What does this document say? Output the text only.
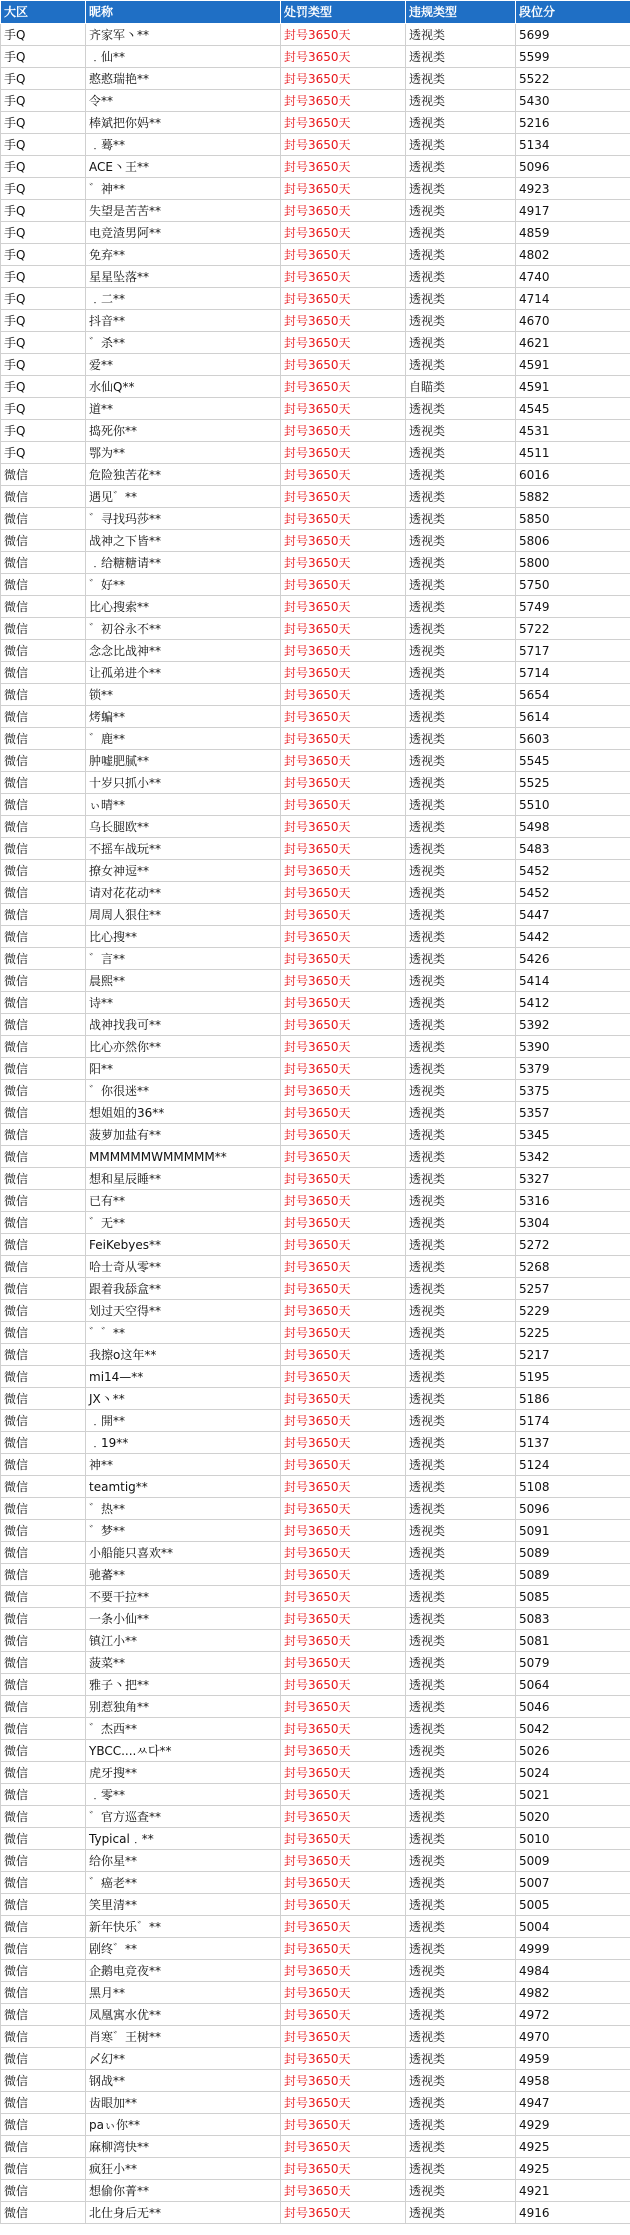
大区	昵称	处罚类型	违规类型	段位分
手Q	齐家军丶**	封号3650天	透视类	5699
手Q	﹒仙**	封号3650天	透视类	5599
手Q	憨憨瑞艳**	封号3650天	透视类	5522
手Q	令**	封号3650天	透视类	5430
手Q	棒斌把你妈**	封号3650天	透视类	5216
手Q	﹒蓦**	封号3650天	透视类	5134
手Q	ACE丶王**	封号3650天	透视类	5096
手Q	゛神**	封号3650天	透视类	4923
手Q	失望是苦苦**	封号3650天	透视类	4917
手Q	电竞渣男阿**	封号3650天	透视类	4859
手Q	免弃**	封号3650天	透视类	4802
手Q	星星坠落**	封号3650天	透视类	4740
手Q	﹒二**	封号3650天	透视类	4714
手Q	抖音**	封号3650天	透视类	4670
手Q	゛杀**	封号3650天	透视类	4621
手Q	爱**	封号3650天	透视类	4591
手Q	水仙Q**	封号3650天	自瞄类	4591
手Q	道**	封号3650天	透视类	4545
手Q	捣死你**	封号3650天	透视类	4531
手Q	鄂为**	封号3650天	透视类	4511
微信	危险独苦花**	封号3650天	透视类	6016
微信	遇见゛**	封号3650天	透视类	5882
微信	゛寻找玛莎**	封号3650天	透视类	5850
微信	战神之下皆**	封号3650天	透视类	5806
微信	﹒给糖糖请**	封号3650天	透视类	5800
微信	゛好**	封号3650天	透视类	5750
微信	比心搜索**	封号3650天	透视类	5749
微信	゛初谷永不**	封号3650天	透视类	5722
微信	念念比战神**	封号3650天	透视类	5717
微信	让孤弟进个**	封号3650天	透视类	5714
微信	锁**	封号3650天	透视类	5654
微信	烤蝙**	封号3650天	透视类	5614
微信	゛鹿**	封号3650天	透视类	5603
微信	肿嘘肥腻**	封号3650天	透视类	5545
微信	十岁只抓小**	封号3650天	透视类	5525
微信	ぃ晴**	封号3650天	透视类	5510
微信	乌长腿欧**	封号3650天	透视类	5498
微信	不摇车战玩**	封号3650天	透视类	5483
微信	撩女神逗**	封号3650天	透视类	5452
微信	请对花花动**	封号3650天	透视类	5452
微信	周周人狠住**	封号3650天	透视类	5447
微信	比心搜**	封号3650天	透视类	5442
微信	゛言**	封号3650天	透视类	5426
微信	晨熙**	封号3650天	透视类	5414
微信	诗**	封号3650天	透视类	5412
微信	战神找我可**	封号3650天	透视类	5392
微信	比心亦然你**	封号3650天	透视类	5390
微信	阳**	封号3650天	透视类	5379
微信	゛你很迷**	封号3650天	透视类	5375
微信	想姐姐的36**	封号3650天	透视类	5357
微信	菠萝加盐有**	封号3650天	透视类	5345
微信	MMMMMMWMMMMM**	封号3650天	透视类	5342
微信	想和星辰睡**	封号3650天	透视类	5327
微信	已有**	封号3650天	透视类	5316
微信	゛无**	封号3650天	透视类	5304
微信	FeiKebyes**	封号3650天	透视类	5272
微信	哈士奇从零**	封号3650天	透视类	5268
微信	跟着我舔盒**	封号3650天	透视类	5257
微信	划过天空得**	封号3650天	透视类	5229
微信	゛゛**	封号3650天	透视类	5225
微信	我擦o这年**	封号3650天	透视类	5217
微信	mi14—**	封号3650天	透视类	5195
微信	JX丶**	封号3650天	透视类	5186
微信	﹒開**	封号3650天	透视类	5174
微信	﹒19**	封号3650天	透视类	5137
微信	神**	封号3650天	透视类	5124
微信	teamtig**	封号3650天	透视类	5108
微信	゛热**	封号3650天	透视类	5096
微信	゛梦**	封号3650天	透视类	5091
微信	小船能只喜欢**	封号3650天	透视类	5089
微信	驰蕃**	封号3650天	透视类	5089
微信	不要干拉**	封号3650天	透视类	5085
微信	一条小仙**	封号3650天	透视类	5083
微信	镇江小**	封号3650天	透视类	5081
微信	菠菜**	封号3650天	透视类	5079
微信	雅子丶把**	封号3650天	透视类	5064
微信	别惹独角**	封号3650天	透视类	5046
微信	゛杰西**	封号3650天	透视类	5042
微信	YBCC....ㅆ다**	封号3650天	透视类	5026
微信	虎牙搜**	封号3650天	透视类	5024
微信	﹒零**	封号3650天	透视类	5021
微信	゛官方巡查**	封号3650天	透视类	5020
微信	Typical﹒**	封号3650天	透视类	5010
微信	给你星**	封号3650天	透视类	5009
微信	゛癌老**	封号3650天	透视类	5007
微信	笑里清**	封号3650天	透视类	5005
微信	新年快乐゛**	封号3650天	透视类	5004
微信	剧终゛**	封号3650天	透视类	4999
微信	企鹅电竞夜**	封号3650天	透视类	4984
微信	黑月**	封号3650天	透视类	4982
微信	凤凰寓水优**	封号3650天	透视类	4972
微信	肖寒゛王树**	封号3650天	透视类	4970
微信	〆幻**	封号3650天	透视类	4959
微信	钢战**	封号3650天	透视类	4958
微信	齿眼加**	封号3650天	透视类	4947
微信	paぃ你**	封号3650天	透视类	4929
微信	麻柳湾快**	封号3650天	透视类	4925
微信	疯狂小**	封号3650天	透视类	4925
微信	想偷你菁**	封号3650天	透视类	4921
微信	北仕身后无**	封号3650天	透视类	4916
